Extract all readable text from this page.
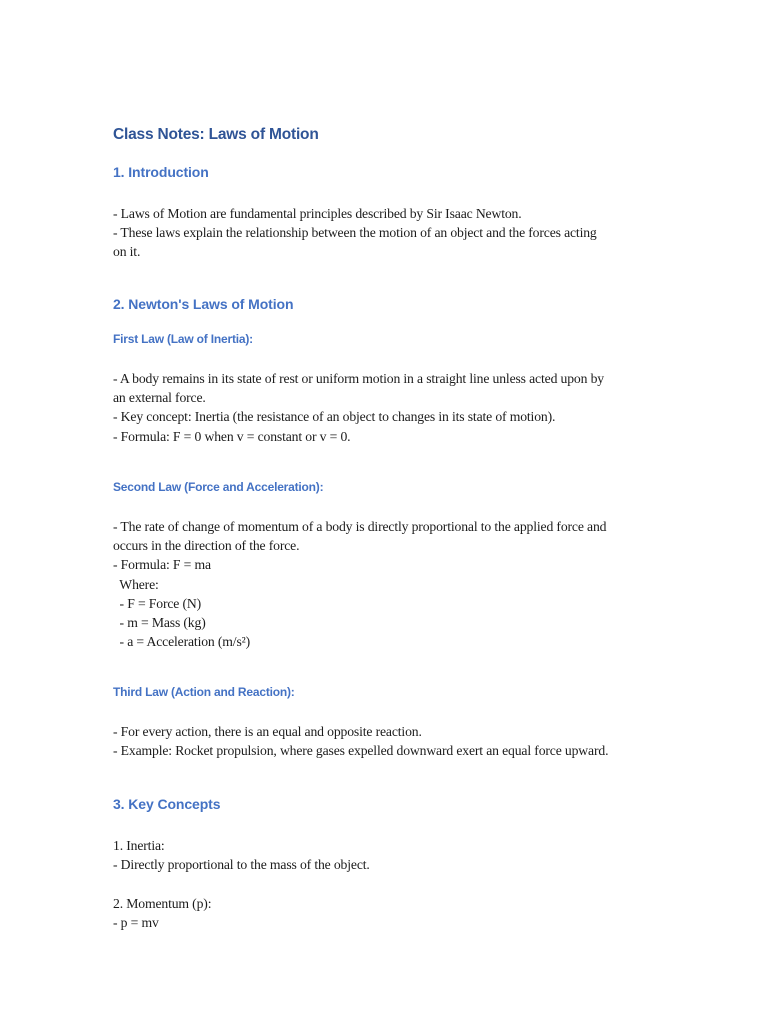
Class Notes: Laws of Motion
1. Introduction
- Laws of Motion are fundamental principles described by Sir Isaac Newton.
- These laws explain the relationship between the motion of an object and the forces acting
on it.
2. Newton's Laws of Motion
First Law (Law of Inertia):
- A body remains in its state of rest or uniform motion in a straight line unless acted upon by
an external force.
- Key concept: Inertia (the resistance of an object to changes in its state of motion).
- Formula: F = 0 when v = constant or v = 0.
Second Law (Force and Acceleration):
- The rate of change of momentum of a body is directly proportional to the applied force and
occurs in the direction of the force.
- Formula: F = ma
Where:
- F = Force (N)
- m = Mass (kg)
- a = Acceleration (m/s²)
Third Law (Action and Reaction):
- For every action, there is an equal and opposite reaction.
- Example: Rocket propulsion, where gases expelled downward exert an equal force upward.
3. Key Concepts
1. Inertia:
- Directly proportional to the mass of the object.
2. Momentum (p):
- p = mv
